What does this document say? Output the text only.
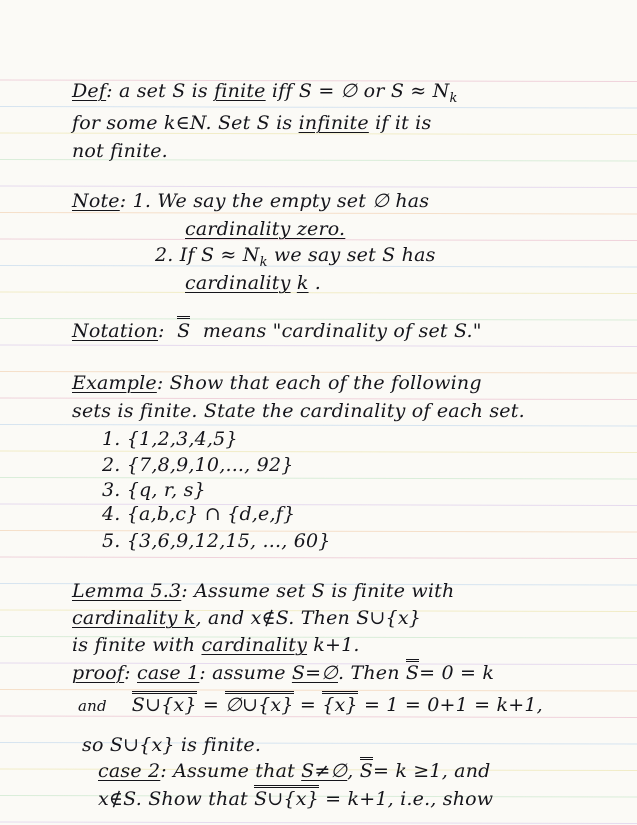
Def: a set S is finite iff S = ∅ or $S \approx N_k$
for some k∈N. Set S is infinite if it is
not finite.
Note: 1. We say the empty set ∅ has
cardinality zero.
2. If $S \approx N_k$ we say set S has
cardinality k .
Notation: S means "cardinality of set S."
Example: Show that each of the following
sets is finite. State the cardinality of each set.
1. {1,2,3,4,5}
2. {7,8,9,10,..., 92}
3. {q, r, s}
4. {a,b,c} ∩ {d,e,f}
5. {3,6,9,12,15, ..., 60}
Lemma 5.3: Assume set S is finite with
cardinality k, and x∉S. Then S∪{x}
is finite with cardinality k+1.
proof: case 1: assume S=∅. Then S= 0 = k
and S∪{x} = ∅∪{x} = {x} = 1 = 0+1 = k+1,
so S∪{x} is finite.
case 2: Assume that S≠∅, S= k ≥1, and
x∉S. Show that S∪{x} = k+1, i.e., show
